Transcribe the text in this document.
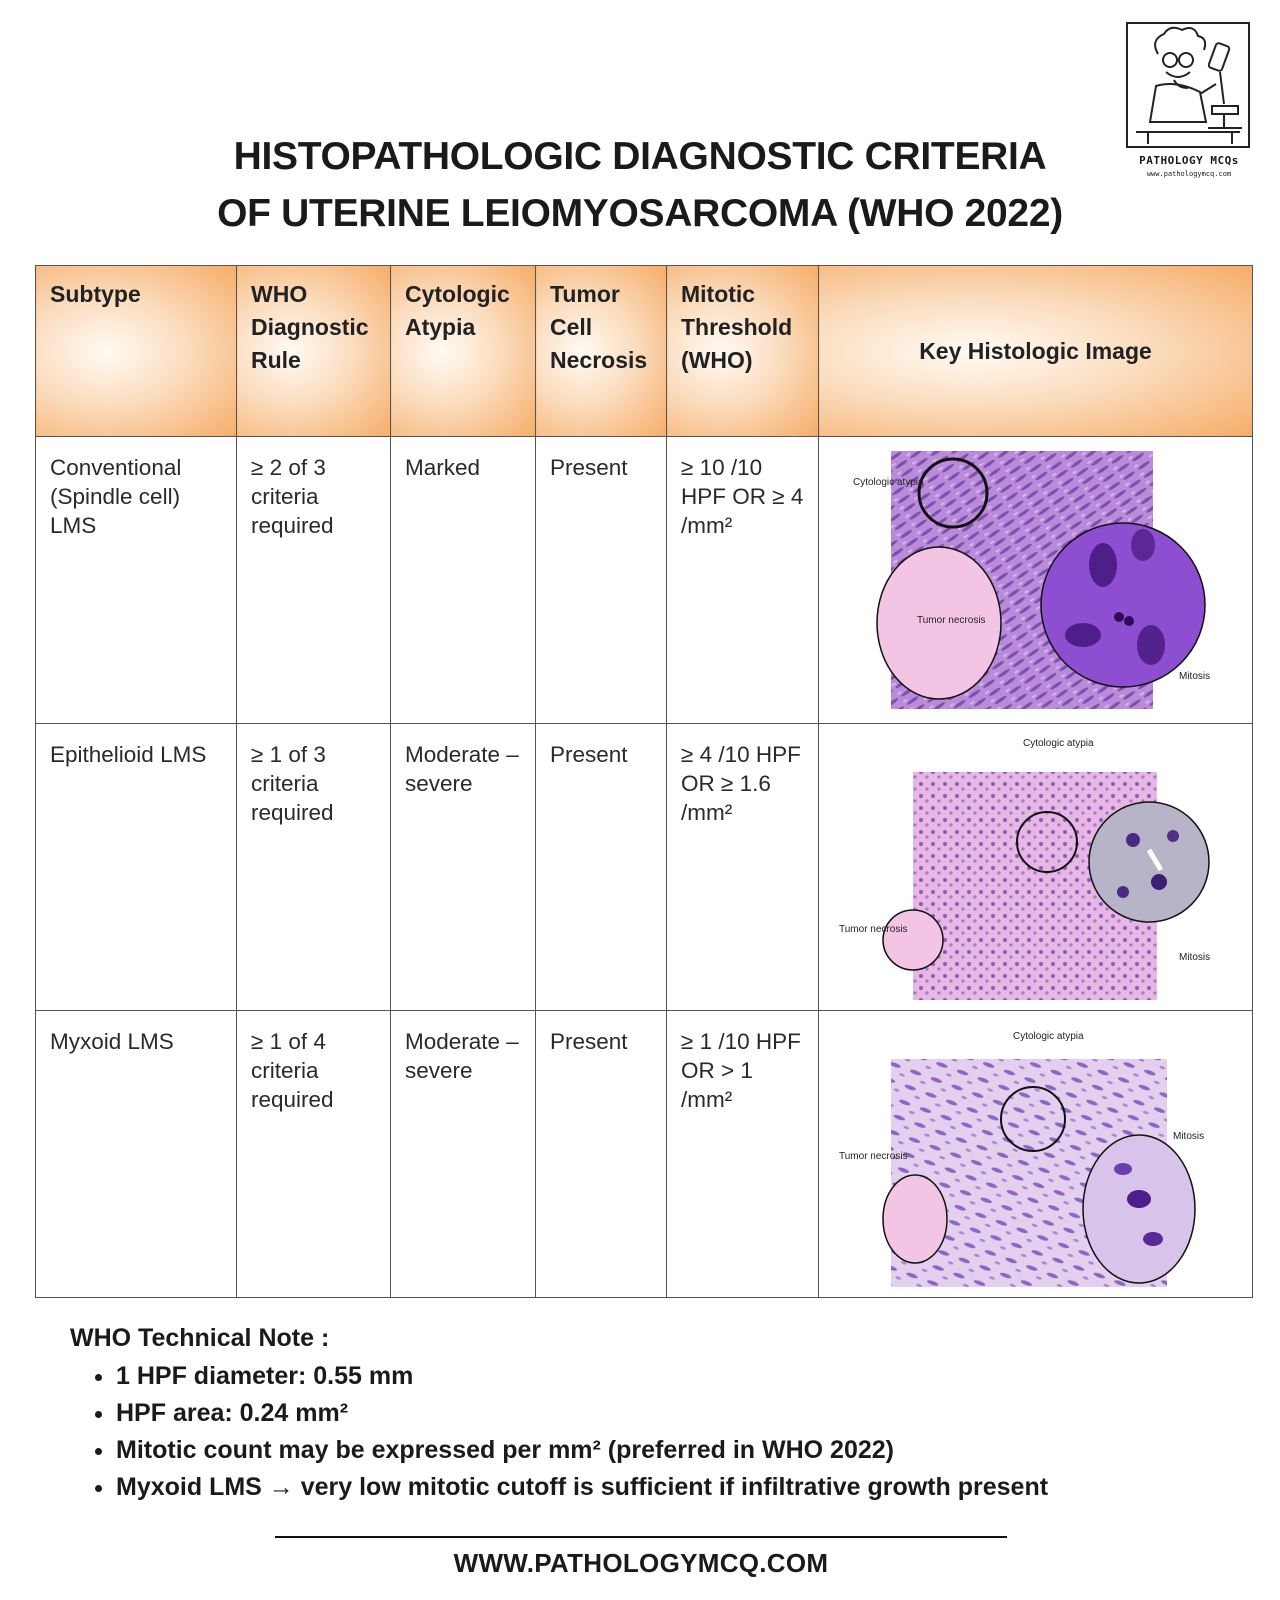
PATHOLOGY MCQs
www.pathologymcq.com
HISTOPATHOLOGIC DIAGNOSTIC CRITERIA
OF UTERINE LEIOMYOSARCOMA (WHO 2022)
Subtype	WHO Diagnostic Rule	Cytologic Atypia	Tumor Cell Necrosis	Mitotic Threshold (WHO)	Key Histologic Image
Conventional (Spindle cell) LMS	≥ 2 of 3 criteria required	Marked	Present	≥ 10 /10 HPF OR ≥ 4 /mm²	Cytologic atypia
Tumor necrosis
Mitosis

Epithelioid LMS	≥ 1 of 3 criteria required	Moderate –severe	Present	≥ 4 /10 HPF OR ≥ 1.6 /mm²	Cytologic atypia
Tumor necrosis
Mitosis

Myxoid LMS	≥ 1 of 4 criteria required	Moderate –severe	Present	≥ 1 /10 HPF OR > 1 /mm²	Cytologic atypia
Tumor necrosis
Mitosis
WHO Technical Note :
• 1 HPF diameter: 0.55 mm
• HPF area: 0.24 mm²
• Mitotic count may be expressed per mm² (preferred in WHO 2022)
• Myxoid LMS → very low mitotic cutoff is sufficient if infiltrative growth present
WWW.PATHOLOGYMCQ.COM
